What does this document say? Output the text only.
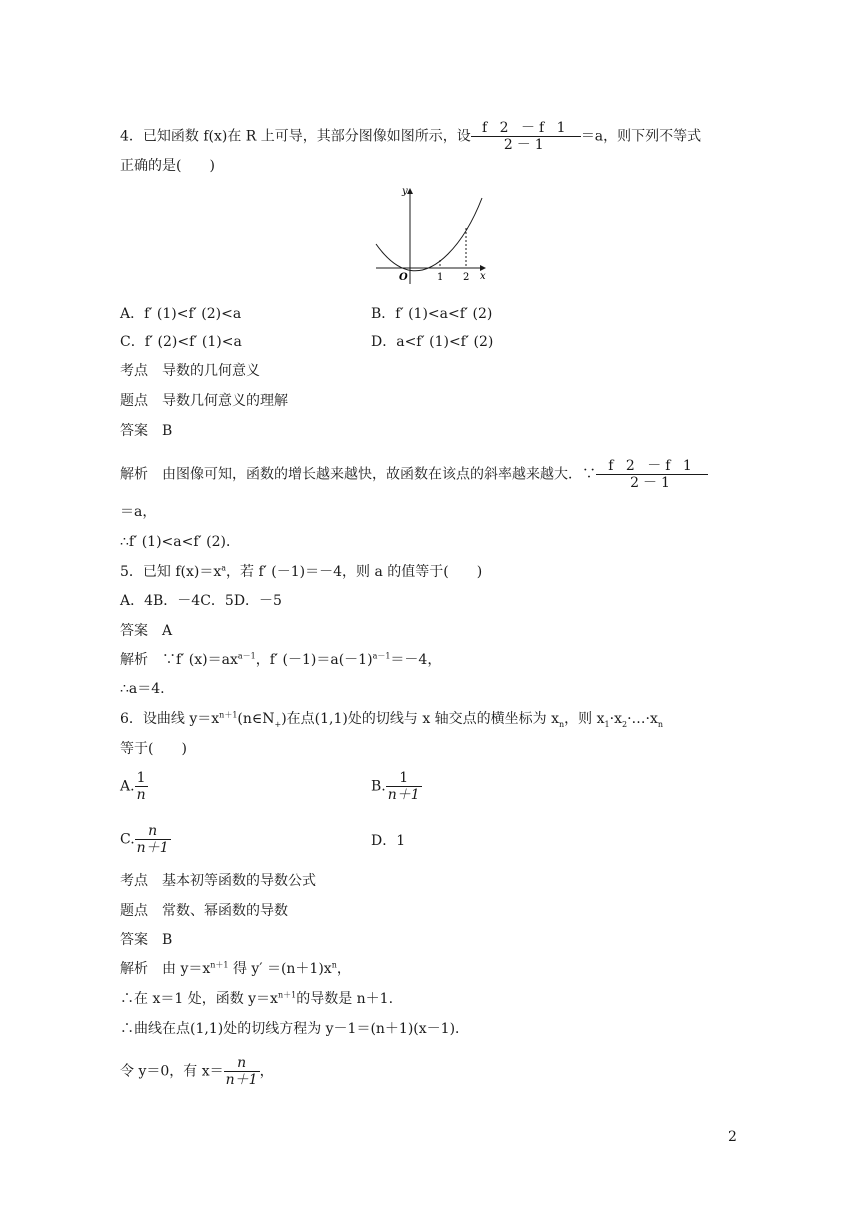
4．已知函数 f(x)在 R 上可导，其部分图像如图所示，设 $\frac{f 2 -f 1}{2-1} =a$，则下列不等式
正确的是(　　)
y
x
O	1 2
A．f′ (1)<f′ (2)<a	B．f′ (1)<a<f′ (2)
C．f′ (2)<f′ (1)<a	D．a<f′ (1)<f′ (2)
考点　导数的几何意义
题点　导数几何意义的理解
答案　B
解析　由图像可知，函数的增长越来越快，故函数在该点的斜率越来越大．∵ $\frac{f 2 -f 1}{2-1}$
＝a，
∴f′ (1)<a<f′ (2)．
5．已知 $f(x)=x^a$，若 f′ (－1)＝－4，则 a 的值等于(　　)
A．4B．－4C．5D．－5
答案　A
解析　∵f′ $(x)=ax^{a-1}$，f′ $(-1)=a(-1)^{a-1}=-4$，
∴a＝4.
6．设曲线 $y=x^{n+1}(n\in N_+)$在点(1,1)处的切线与 x 轴交点的横坐标为 $x_n$，则 $x_1\cdot x_2\cdot\dots\cdot x_n$
等于(　　)
A. $\frac{1}{n}$	B. $\frac{1}{n+1}$
C. $\frac{n}{n+1}$	D．1
考点　基本初等函数的导数公式
题点　常数、幂函数的导数
答案　B
解析　由 $y=x^{n+1}$ 得 $y' =(n+1)x^n$，
∴在 x＝1 处，函数 $y=x^{n+1}$的导数是 n＋1.
∴曲线在点(1,1)处的切线方程为 y－1＝(n＋1)(x－1)．
令 y＝0，有 $x= \frac{n}{n+1}$ ，
2
